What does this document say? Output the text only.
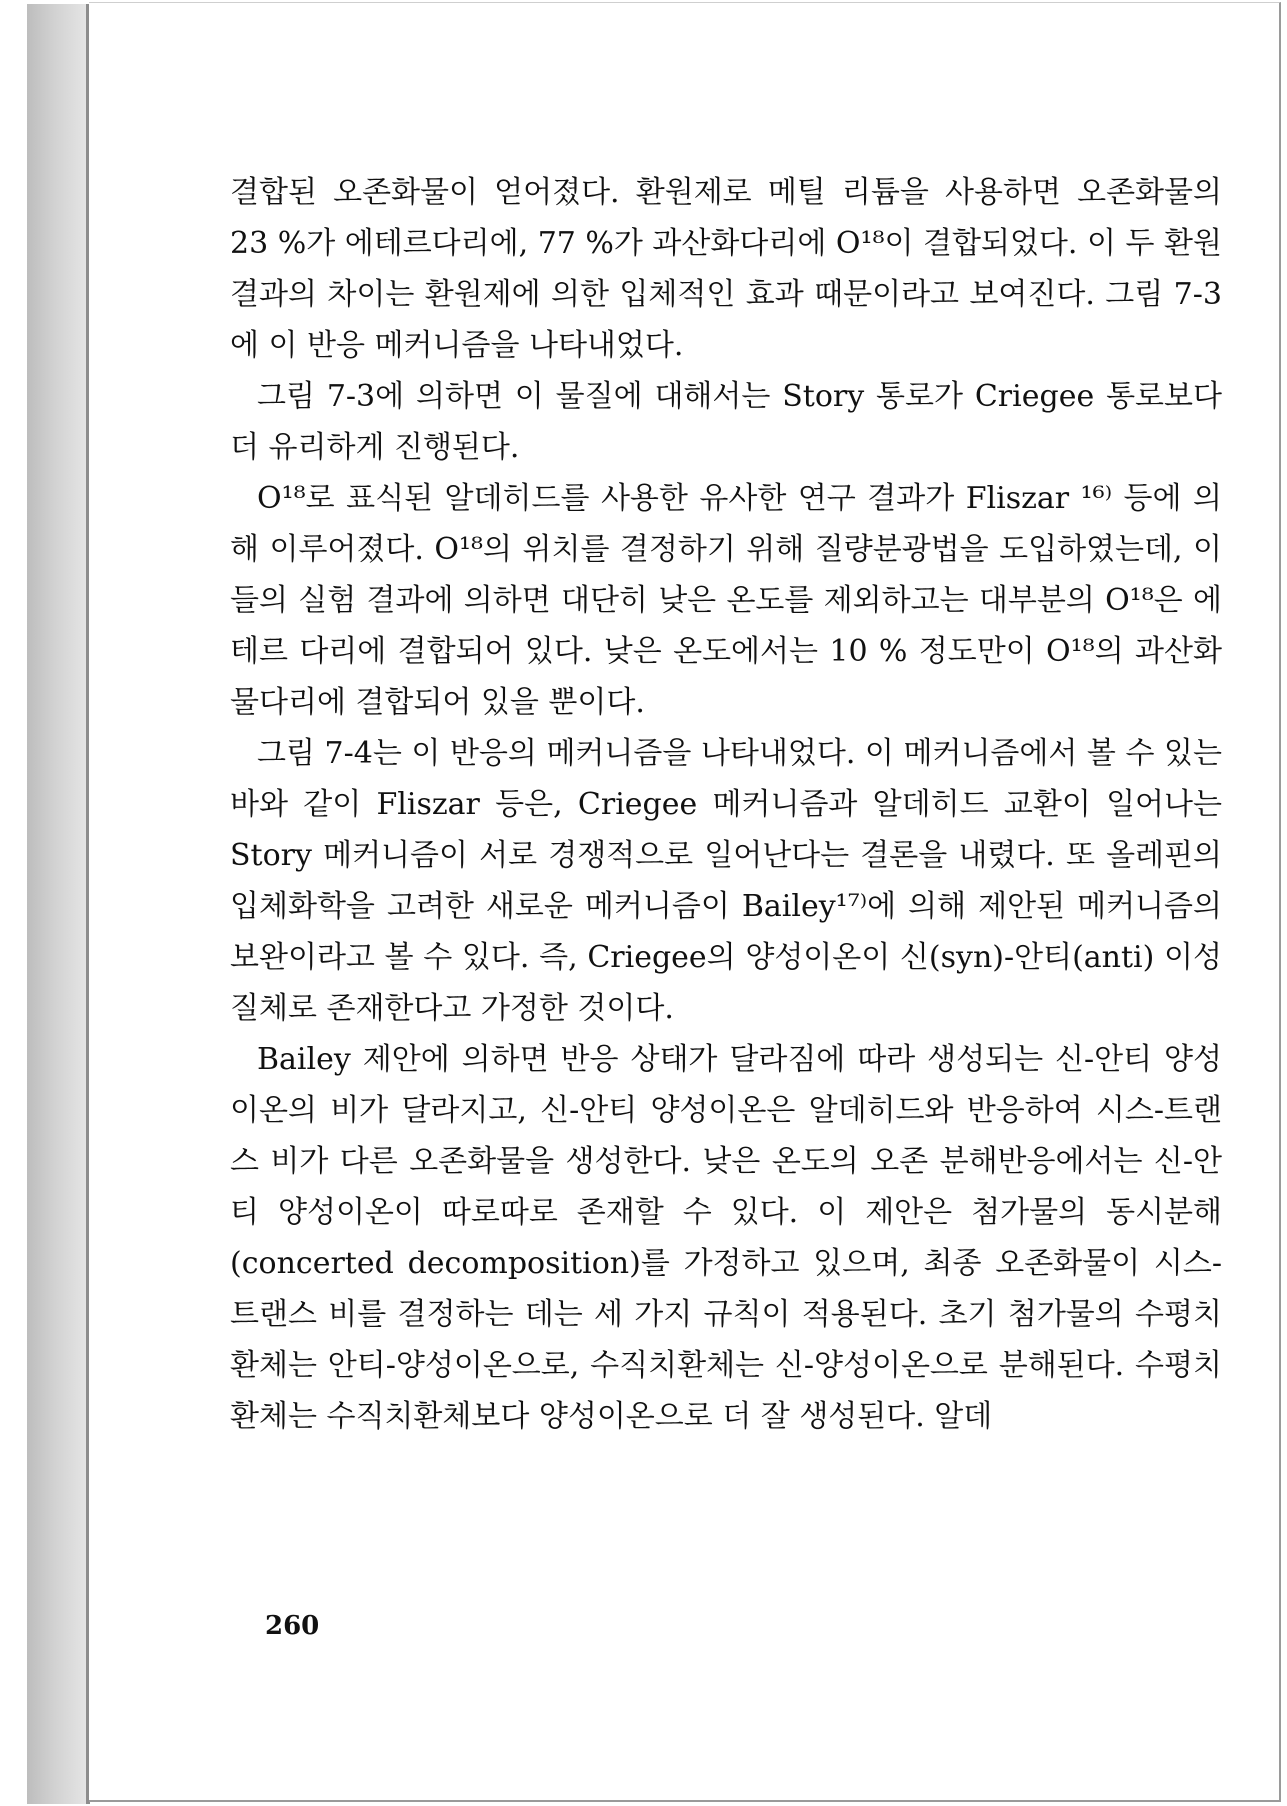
결합된 오존화물이 얻어졌다. 환원제로 메틸 리튬을 사용하면 오존화물의 23 %가 에테르다리에, 77 %가 과산화다리에 O¹⁸이 결합되었다. 이 두 환원 결과의 차이는 환원제에 의한 입체적인 효과 때문이라고 보여진다. 그림 7-3에 이 반응 메커니즘을 나타내었다.

그림 7-3에 의하면 이 물질에 대해서는 Story 통로가 Criegee 통로보다 더 유리하게 진행된다.

O¹⁸로 표식된 알데히드를 사용한 유사한 연구 결과가 Fliszar ¹⁶⁾ 등에 의해 이루어졌다. O¹⁸의 위치를 결정하기 위해 질량분광법을 도입하였는데, 이들의 실험 결과에 의하면 대단히 낮은 온도를 제외하고는 대부분의 O¹⁸은 에테르 다리에 결합되어 있다. 낮은 온도에서는 10 % 정도만이 O¹⁸의 과산화물다리에 결합되어 있을 뿐이다.

그림 7-4는 이 반응의 메커니즘을 나타내었다. 이 메커니즘에서 볼 수 있는 바와 같이 Fliszar 등은, Criegee 메커니즘과 알데히드 교환이 일어나는 Story 메커니즘이 서로 경쟁적으로 일어난다는 결론을 내렸다. 또 올레핀의 입체화학을 고려한 새로운 메커니즘이 Bailey¹⁷⁾에 의해 제안된 메커니즘의 보완이라고 볼 수 있다. 즉, Criegee의 양성이온이 신(syn)-안티(anti) 이성질체로 존재한다고 가정한 것이다.

Bailey 제안에 의하면 반응 상태가 달라짐에 따라 생성되는 신-안티 양성이온의 비가 달라지고, 신-안티 양성이온은 알데히드와 반응하여 시스-트랜스 비가 다른 오존화물을 생성한다. 낮은 온도의 오존 분해반응에서는 신-안티 양성이온이 따로따로 존재할 수 있다. 이 제안은 첨가물의 동시분해(concerted decomposition)를 가정하고 있으며, 최종 오존화물이 시스-트랜스 비를 결정하는 데는 세 가지 규칙이 적용된다. 초기 첨가물의 수평치환체는 안티-양성이온으로, 수직치환체는 신-양성이온으로 분해된다. 수평치환체는 수직치환체보다 양성이온으로 더 잘 생성된다. 알데

260
